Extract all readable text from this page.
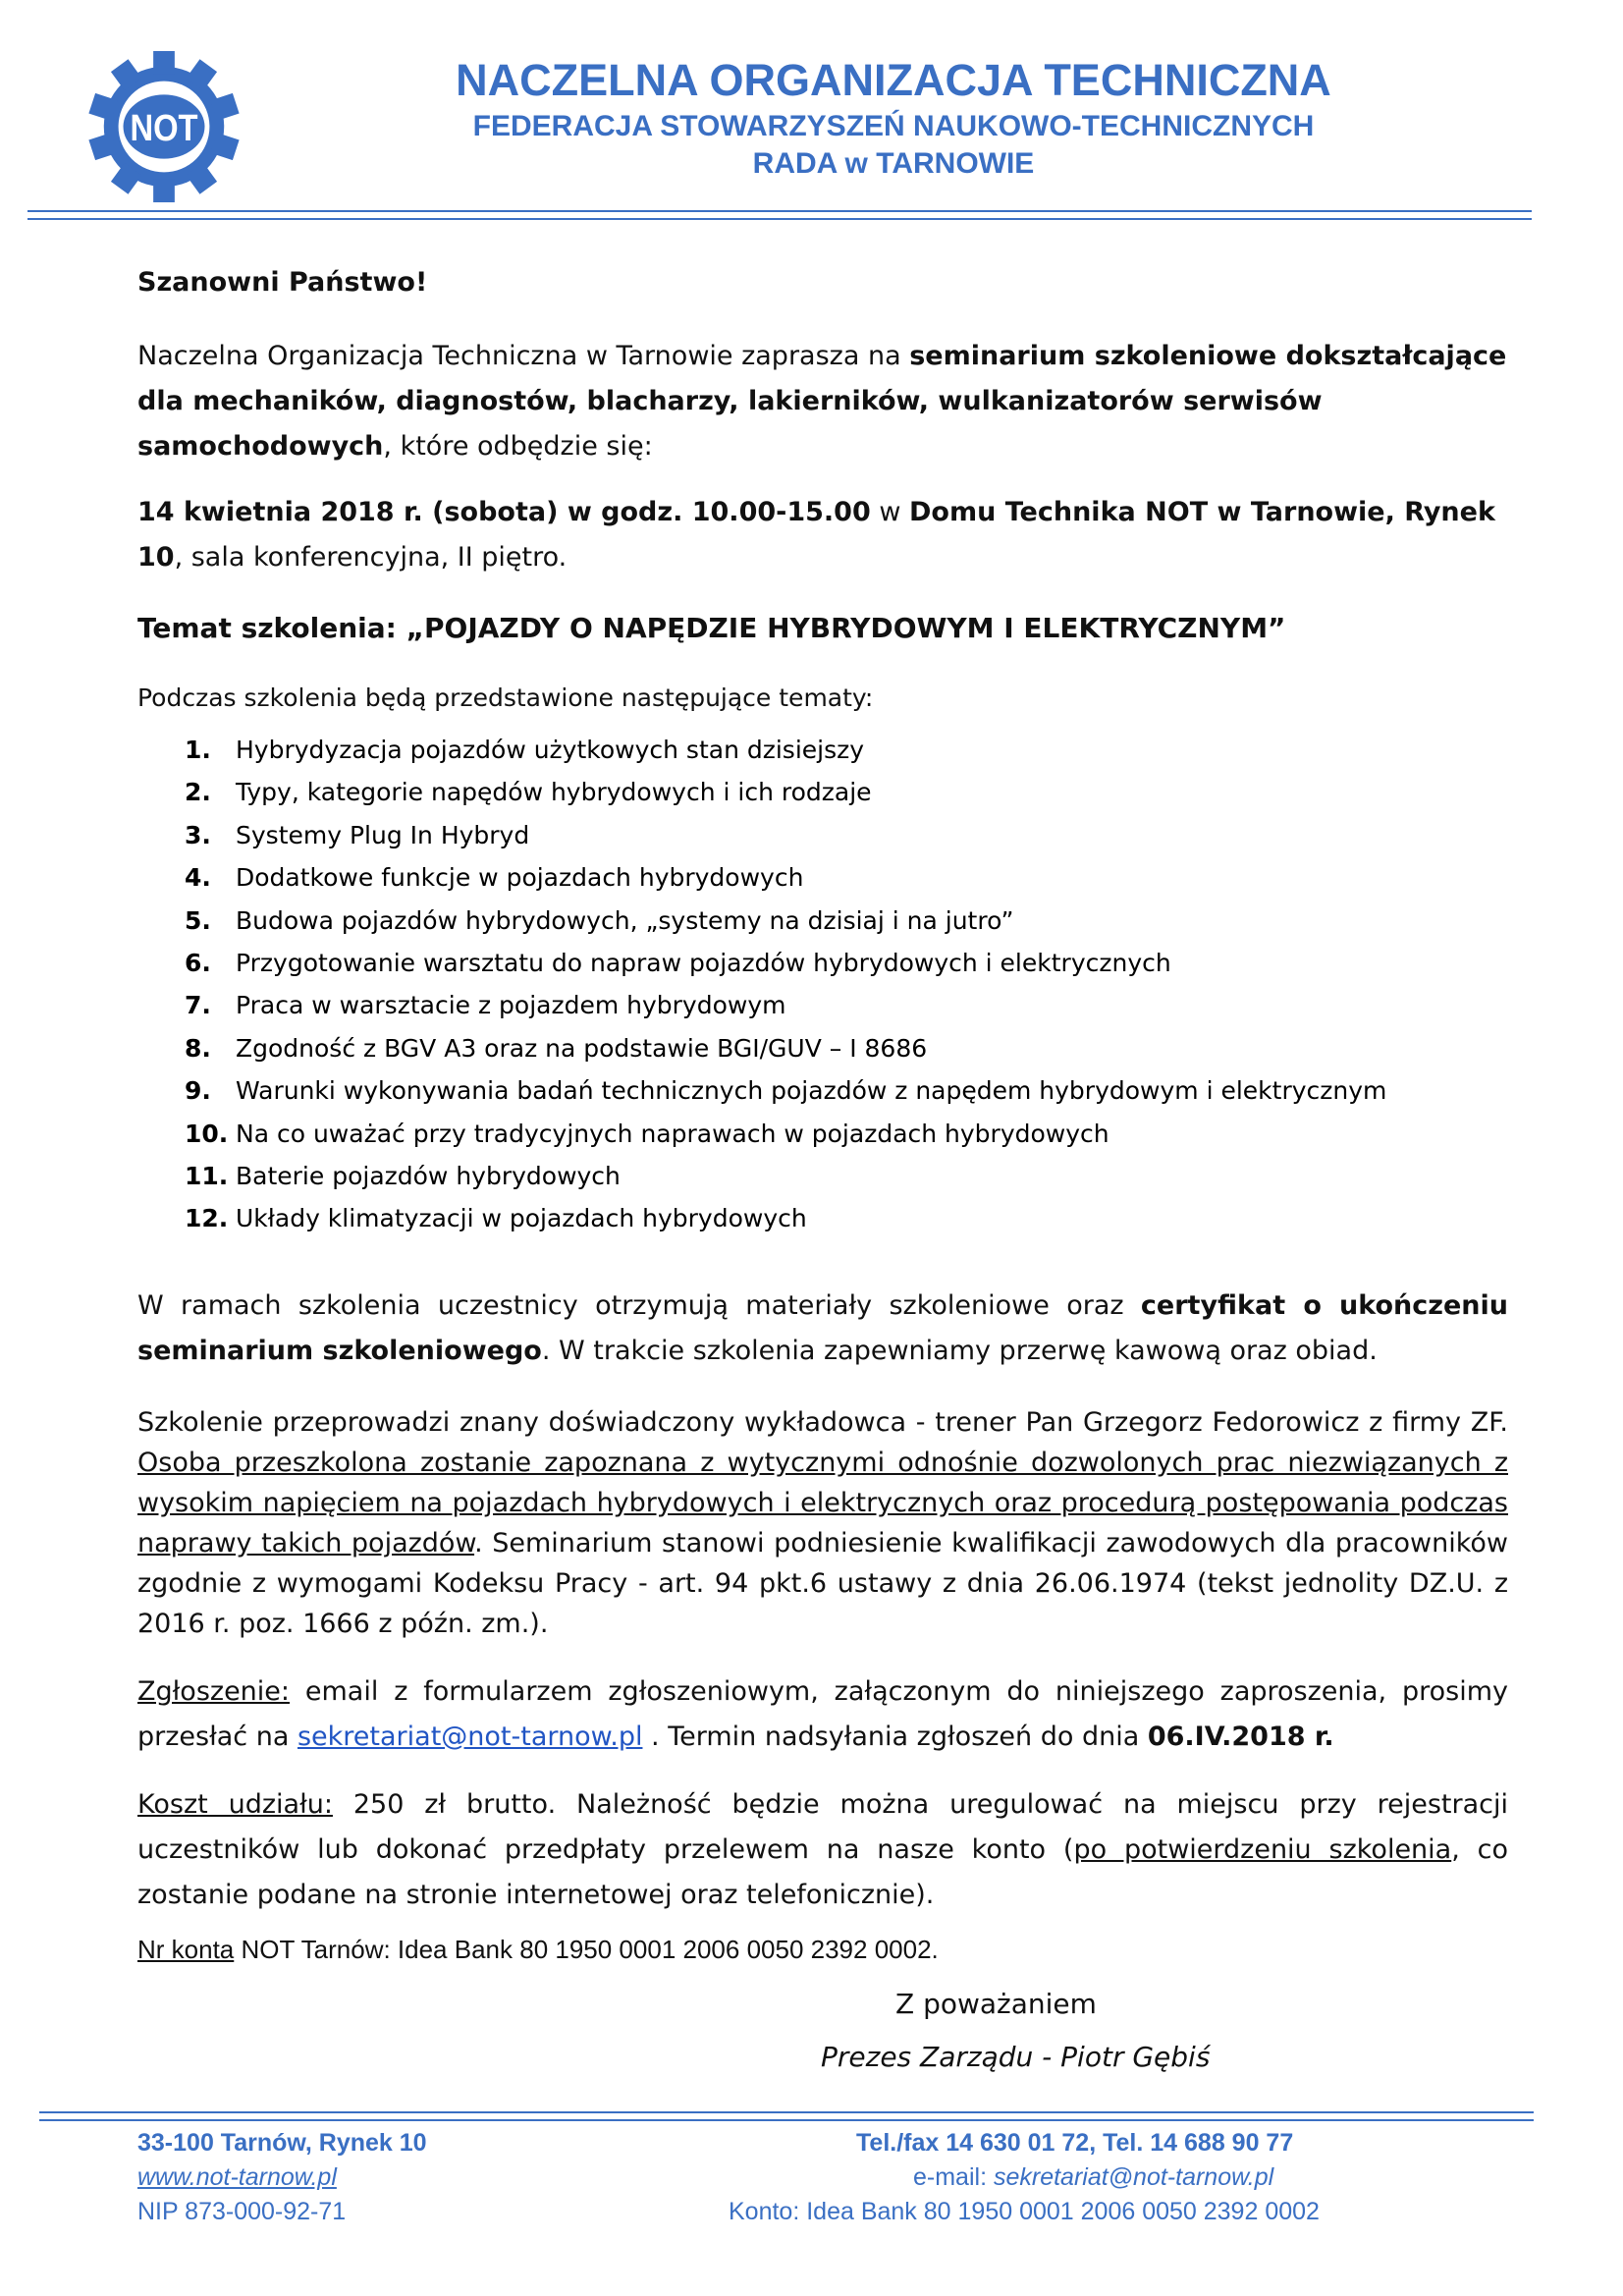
NOT
NACZELNA ORGANIZACJA TECHNICZNA
FEDERACJA STOWARZYSZEŃ NAUKOWO-TECHNICZNYCH
RADA w TARNOWIE
Szanowni Państwo!
Naczelna Organizacja Techniczna w Tarnowie zaprasza na seminarium szkoleniowe dokształcające dla mechaników, diagnostów, blacharzy, lakierników, wulkanizatorów serwisów samochodowych, które odbędzie się:
14 kwietnia 2018 r. (sobota) w godz. 10.00-15.00 w Domu Technika NOT w Tarnowie, Rynek 10, sala konferencyjna, II piętro.
Temat szkolenia: „POJAZDY O NAPĘDZIE HYBRYDOWYM I ELEKTRYCZNYM”
Podczas szkolenia będą przedstawione następujące tematy:
1.	Hybrydyzacja pojazdów użytkowych stan dzisiejszy
2.	Typy, kategorie napędów hybrydowych i ich rodzaje
3.	Systemy Plug In Hybryd
4.	Dodatkowe funkcje w pojazdach hybrydowych
5.	Budowa pojazdów hybrydowych, „systemy na dzisiaj i na jutro”
6.	Przygotowanie warsztatu do napraw pojazdów hybrydowych i elektrycznych
7.	Praca w warsztacie z pojazdem hybrydowym
8.	Zgodność z BGV A3 oraz na podstawie BGI/GUV – I 8686
9.	Warunki wykonywania badań technicznych pojazdów z napędem hybrydowym i elektrycznym
10. Na co uważać przy tradycyjnych naprawach w pojazdach hybrydowych
11. Baterie pojazdów hybrydowych
12. Układy klimatyzacji w pojazdach hybrydowych
W ramach szkolenia uczestnicy otrzymują materiały szkoleniowe oraz certyfikat o ukończeniu seminarium szkoleniowego. W trakcie szkolenia zapewniamy przerwę kawową oraz obiad.
Szkolenie przeprowadzi znany doświadczony wykładowca - trener Pan Grzegorz Fedorowicz z firmy ZF. Osoba przeszkolona zostanie zapoznana z wytycznymi odnośnie dozwolonych prac niezwiązanych z wysokim napięciem na pojazdach hybrydowych i elektrycznych oraz procedurą postępowania podczas naprawy takich pojazdów. Seminarium stanowi podniesienie kwalifikacji zawodowych dla pracowników zgodnie z wymogami Kodeksu Pracy - art. 94 pkt.6 ustawy z dnia 26.06.1974 (tekst jednolity DZ.U. z 2016 r. poz. 1666 z późn. zm.).
Zgłoszenie: email z formularzem zgłoszeniowym, załączonym do niniejszego zaproszenia, prosimy przesłać na sekretariat@not-tarnow.pl . Termin nadsyłania zgłoszeń do dnia 06.IV.2018 r.
Koszt udziału: 250 zł brutto. Należność będzie można uregulować na miejscu przy rejestracji uczestników lub dokonać przedpłaty przelewem na nasze konto (po potwierdzeniu szkolenia, co zostanie podane na stronie internetowej oraz telefonicznie).
Nr konta NOT Tarnów: Idea Bank 80 1950 0001 2006 0050 2392 0002.
Z poważaniem
Prezes Zarządu - Piotr Gębiś
33-100 Tarnów, Rynek 10
www.not-tarnow.pl
NIP 873-000-92-71
Tel./fax 14 630 01 72, Tel. 14 688 90 77
e-mail: sekretariat@not-tarnow.pl
Konto: Idea Bank 80 1950 0001 2006 0050 2392 0002
